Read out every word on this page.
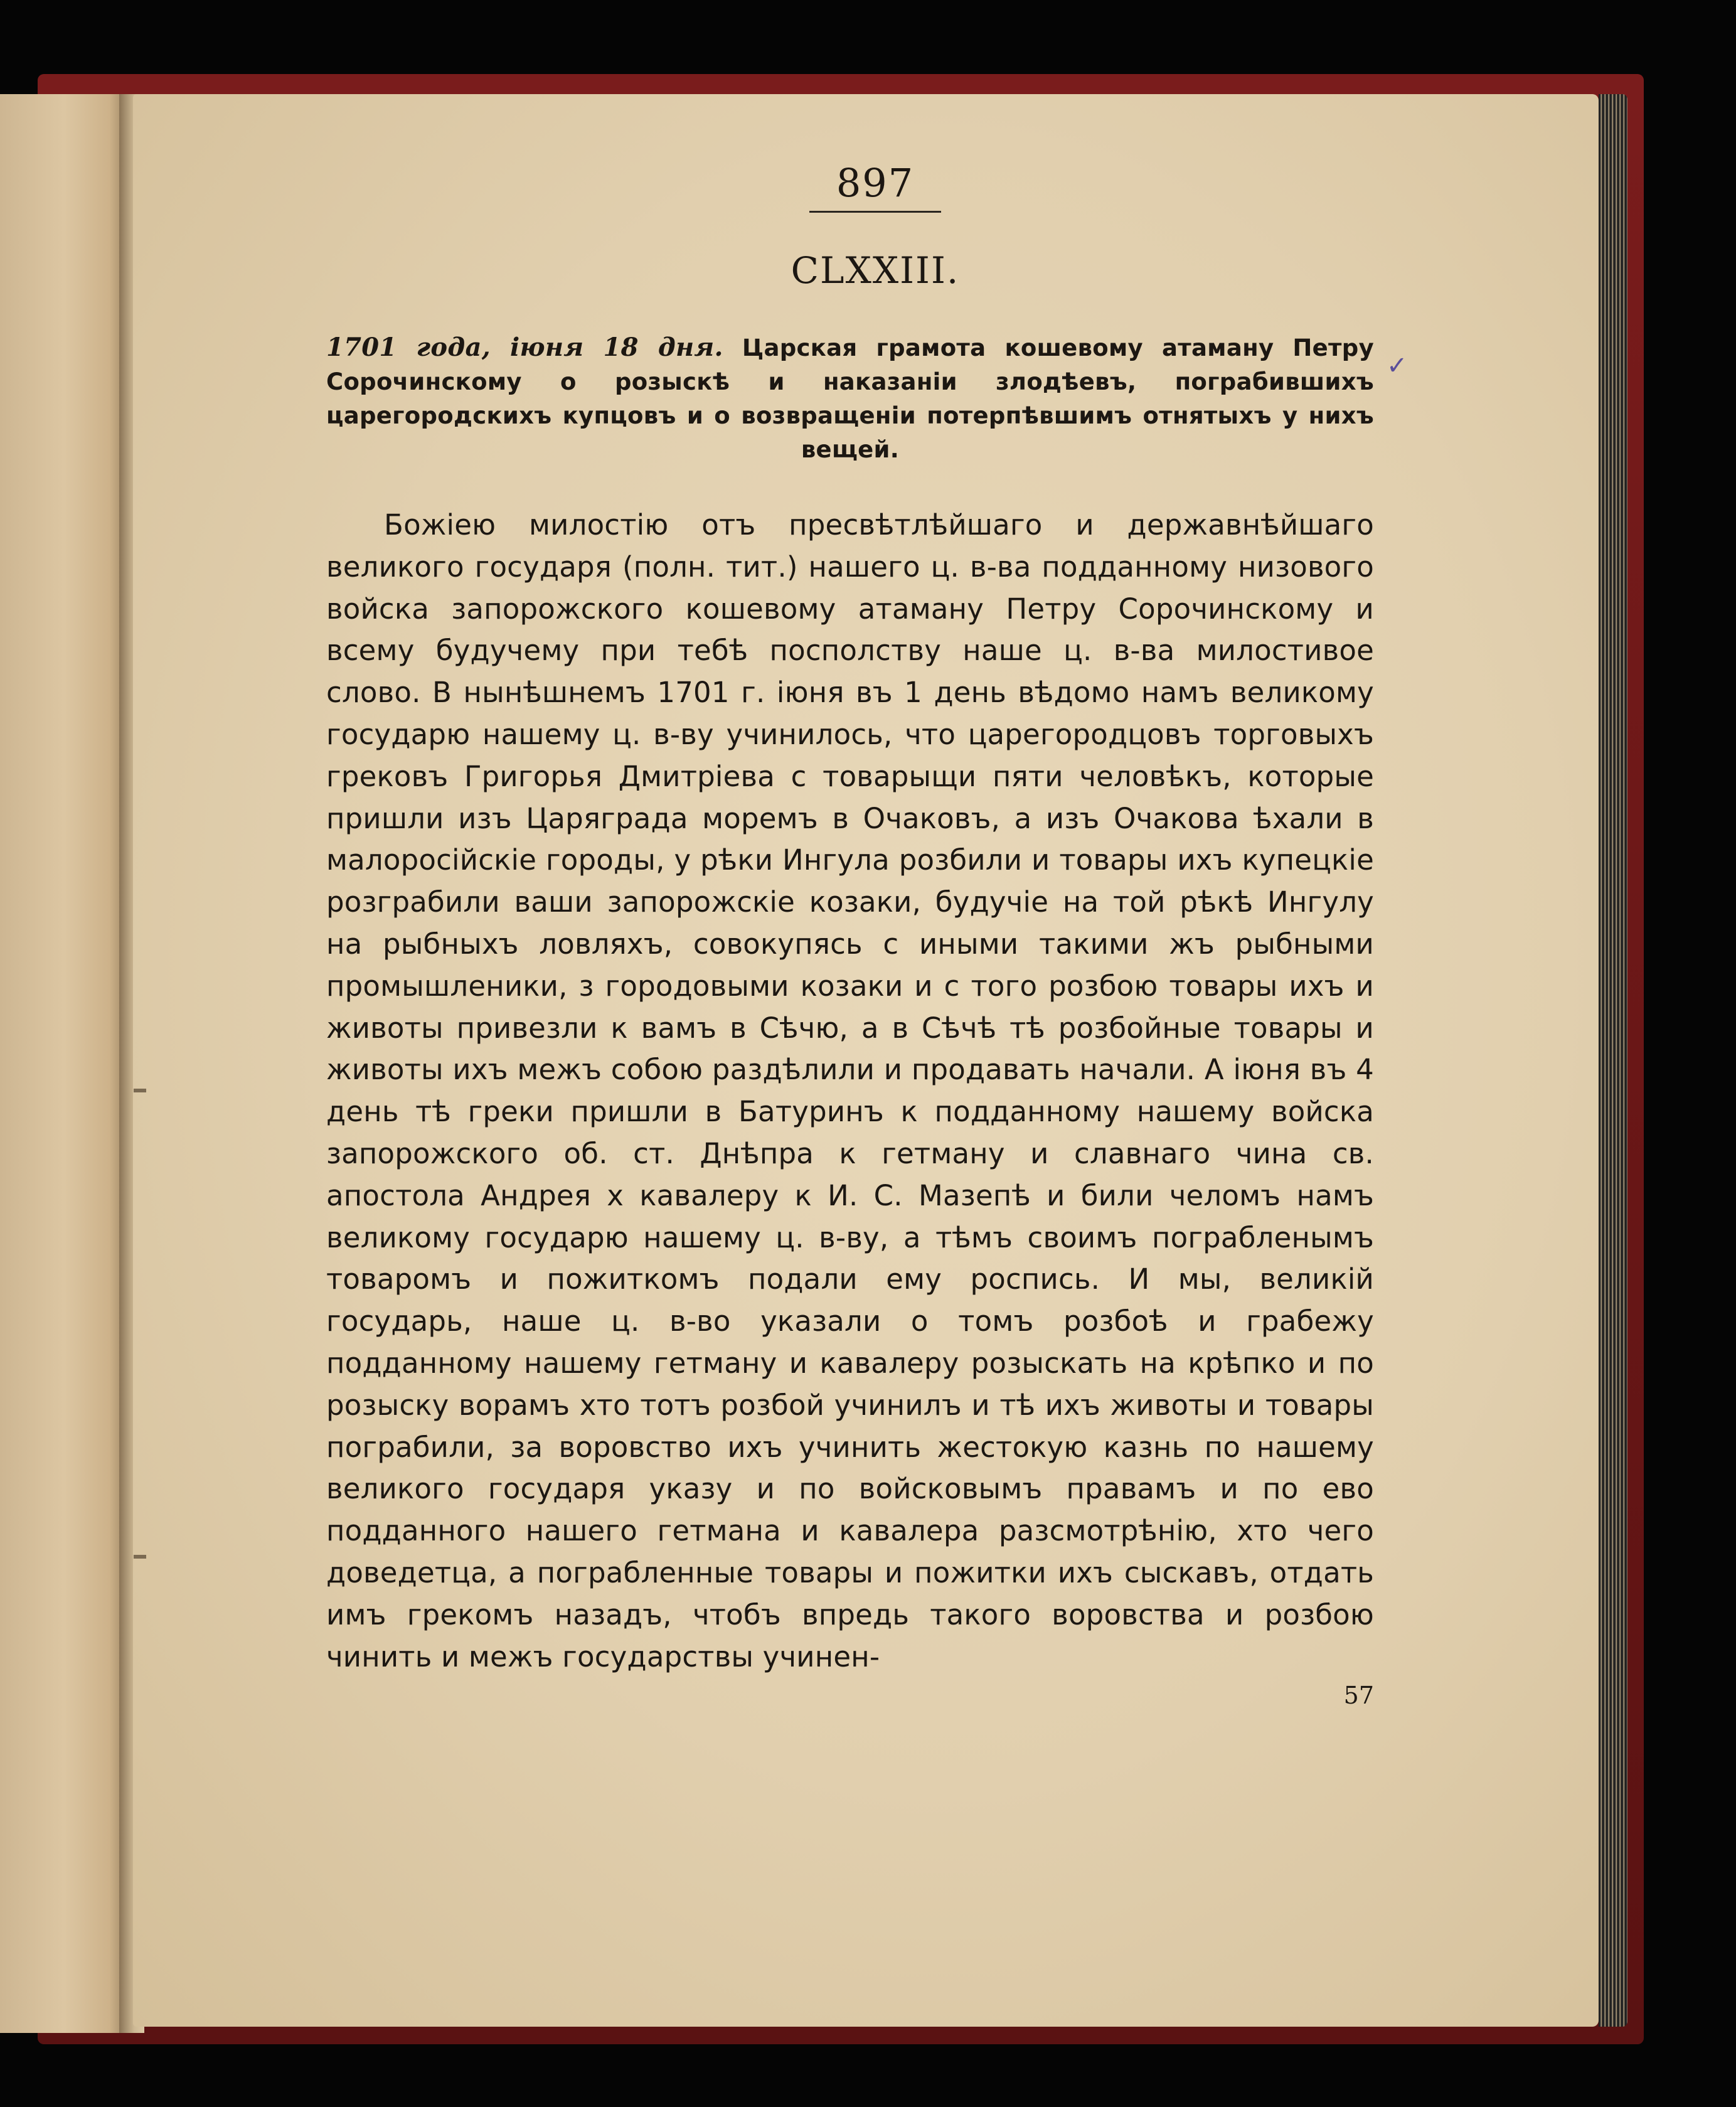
897
CLXXIII.
1701 года, іюня 18 дня. Царская грамота кошевому атаману Петру Сорочинскому о розыскѣ и наказаніи злодѣевъ, пограбившихъ царегородскихъ купцовъ и о возвращеніи потерпѣвшимъ отнятыхъ у нихъ вещей.
Божіею милостію отъ пресвѣтлѣйшаго и державнѣйшаго великого государя (полн. тит.) нашего ц. в-ва подданному низового войска запорожского кошевому атаману Петру Сорочинскому и всему будучему при тебѣ посполству наше ц. в-ва милостивое слово. В нынѣшнемъ 1701 г. іюня въ 1 день вѣдомо намъ великому государю нашему ц. в-ву учинилось, что царегородцовъ торговыхъ грековъ Григорья Дмитріева с товарыщи пяти человѣкъ, которые пришли изъ Царяграда моремъ в Очаковъ, а изъ Очакова ѣхали в малоросійскіе городы, у рѣки Ингула розбили и товары ихъ купецкіе розграбили ваши запорожскіе козаки, будучіе на той рѣкѣ Ингулу на рыбныхъ ловляхъ, совокупясь с иными такими жъ рыбными промышленики, з городовыми козаки и с того розбою товары ихъ и животы привезли к вамъ в Сѣчю, а в Сѣчѣ тѣ розбойные товары и животы ихъ межъ собою раздѣлили и продавать начали. А іюня въ 4 день тѣ греки пришли в Батуринъ к подданному нашему войска запорожского об. ст. Днѣпра к гетману и славнаго чина св. апостола Андрея х кавалеру к И. С. Мазепѣ и били челомъ намъ великому государю нашему ц. в-ву, а тѣмъ своимъ пограбленымъ товаромъ и пожиткомъ подали ему роспись. И мы, великій государь, наше ц. в-во указали о томъ розбоѣ и грабежу подданному нашему гетману и кавалеру розыскать на крѣпко и по розыску ворамъ хто тотъ розбой учинилъ и тѣ ихъ животы и товары пограбили, за воровство ихъ учинить жестокую казнь по нашему великого государя указу и по войсковымъ правамъ и по ево подданного нашего гетмана и кавалера разсмотрѣнію, хто чего доведетца, а пограбленные товары и пожитки ихъ сыскавъ, отдать имъ грекомъ назадъ, чтобъ впредь такого воровства и розбою чинить и межъ государствы учинен-
57
✓
